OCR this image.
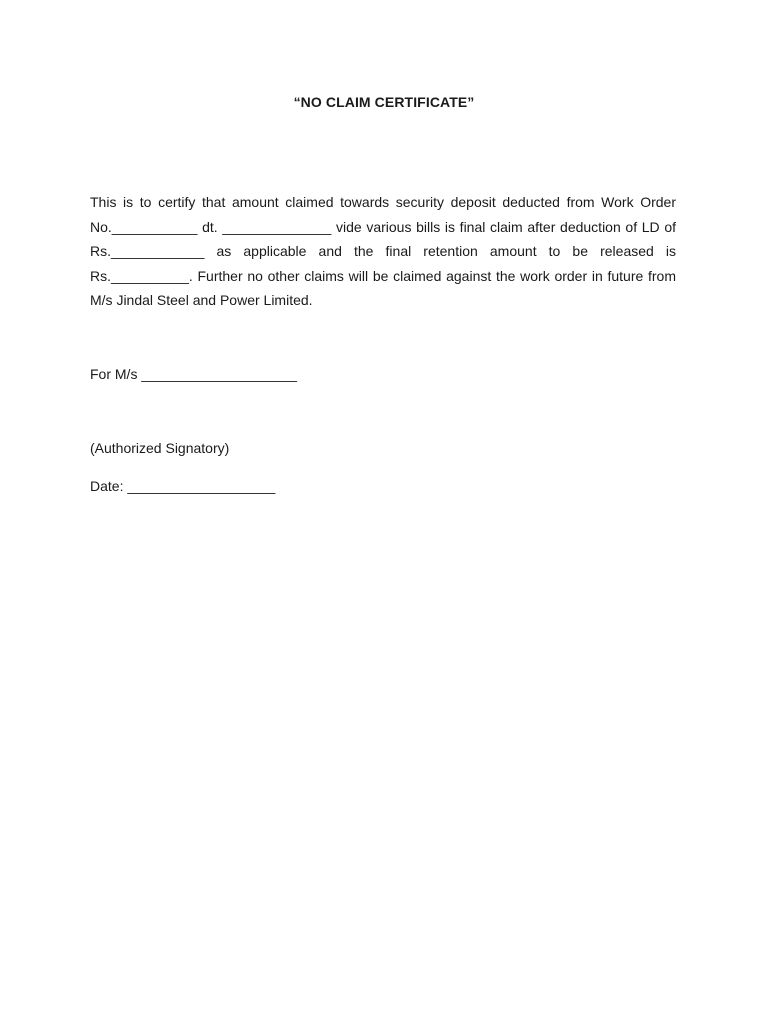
“NO CLAIM CERTIFICATE”
This is to certify that amount claimed towards security deposit deducted from Work Order No.___________ dt. ______________ vide various bills is final claim after deduction of LD of Rs.____________ as applicable and the final retention amount to be released is Rs.__________. Further no other claims will be claimed against the work order in future from M/s Jindal Steel and Power Limited.
For M/s ____________________
(Authorized Signatory)
Date: ___________________
